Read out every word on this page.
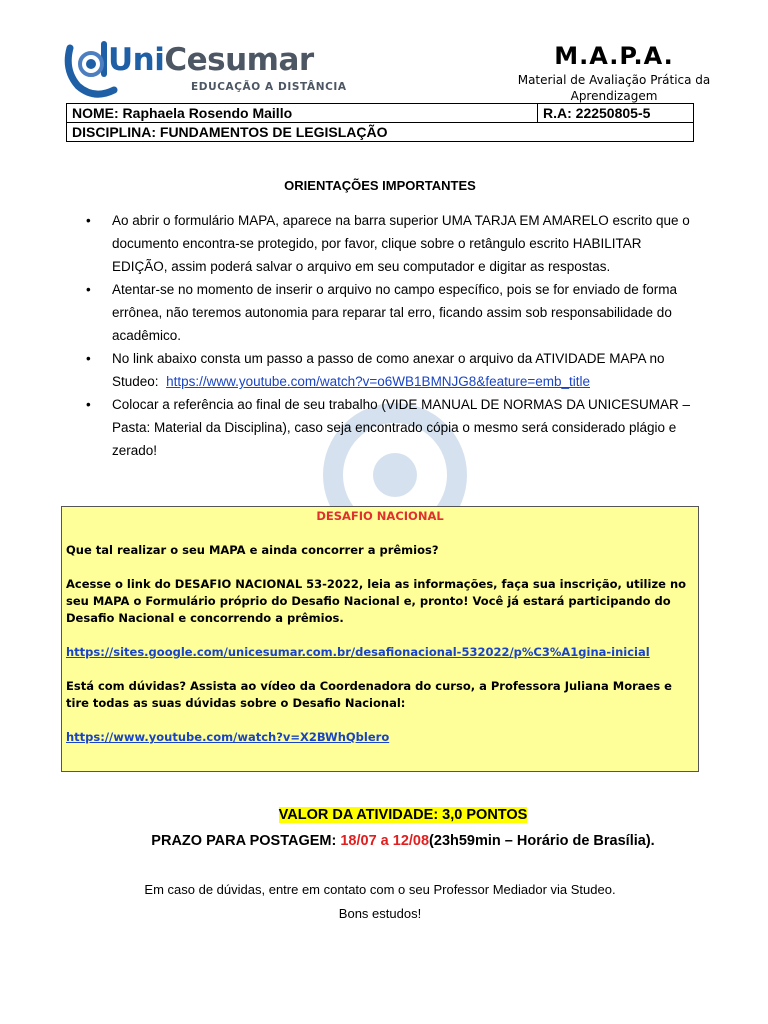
UniCesumar
EDUCAÇÃO A DISTÂNCIA
M.A.P.A.
Material de Avaliação Prática da Aprendizagem
NOME: Raphaela Rosendo Maillo	R.A: 22250805-5
DISCIPLINA: FUNDAMENTOS DE LEGISLAÇÃO
ORIENTAÇÕES IMPORTANTES
• Ao abrir o formulário MAPA, aparece na barra superior UMA TARJA EM AMARELO escrito que o documento encontra-se protegido, por favor, clique sobre o retângulo escrito HABILITAR EDIÇÃO, assim poderá salvar o arquivo em seu computador e digitar as respostas.
• Atentar-se no momento de inserir o arquivo no campo específico, pois se for enviado de forma errônea, não teremos autonomia para reparar tal erro, ficando assim sob responsabilidade do acadêmico.
• No link abaixo consta um passo a passo de como anexar o arquivo da ATIVIDADE MAPA no Studeo: https://www.youtube.com/watch?v=o6WB1BMNJG8&feature=emb_title
• Colocar a referência ao final de seu trabalho (VIDE MANUAL DE NORMAS DA UNICESUMAR – Pasta: Material da Disciplina), caso seja encontrado cópia o mesmo será considerado plágio e zerado!

DESAFIO NACIONAL

Que tal realizar o seu MAPA e ainda concorrer a prêmios?

Acesse o link do DESAFIO NACIONAL 53-2022, leia as informações, faça sua inscrição, utilize no seu MAPA o Formulário próprio do Desafio Nacional e, pronto! Você já estará participando do Desafio Nacional e concorrendo a prêmios.

https://sites.google.com/unicesumar.com.br/desafionacional-532022/p%C3%A1gina-inicial

Está com dúvidas? Assista ao vídeo da Coordenadora do curso, a Professora Juliana Moraes e tire todas as suas dúvidas sobre o Desafio Nacional:

https://www.youtube.com/watch?v=X2BWhQblero

VALOR DA ATIVIDADE: 3,0 PONTOS
PRAZO PARA POSTAGEM: 18/07 a 12/08(23h59min – Horário de Brasília).
Em caso de dúvidas, entre em contato com o seu Professor Mediador via Studeo.
Bons estudos!
